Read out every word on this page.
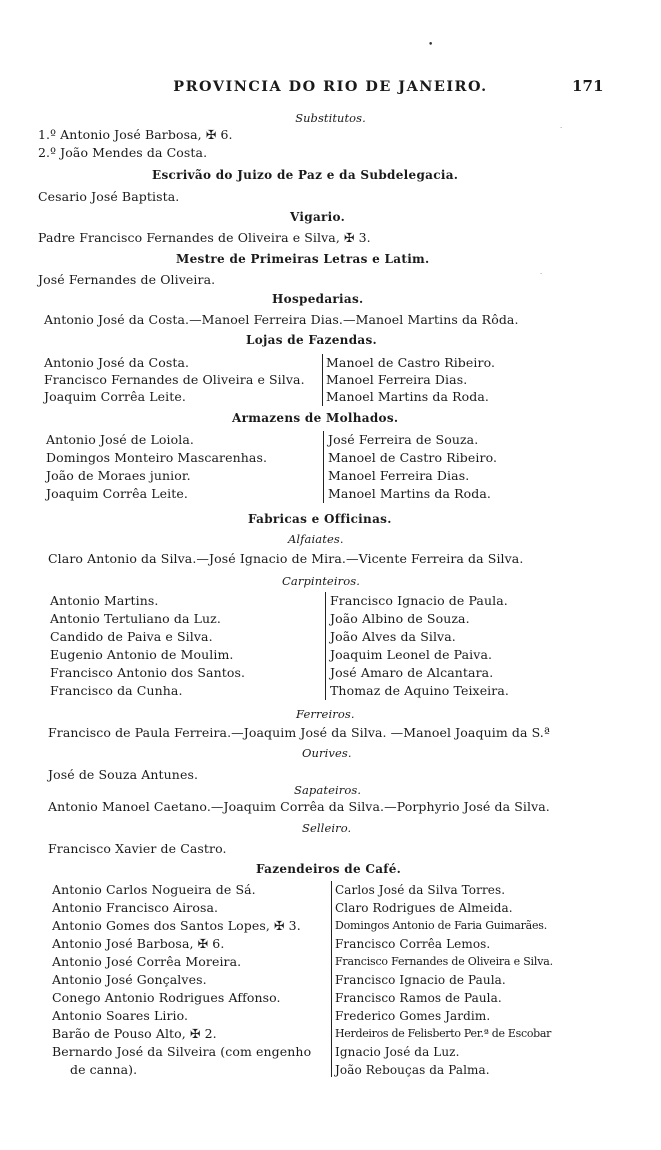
PROVINCIA DO RIO DE JANEIRO.	171
Substitutos.
1.º Antonio José Barbosa, ✠ 6.
2.º João Mendes da Costa.
Escrivão do Juizo de Paz e da Subdelegacia.
Cesario José Baptista.
Vigario.
Padre Francisco Fernandes de Oliveira e Silva, ✠ 3.
Mestre de Primeiras Letras e Latim.
José Fernandes de Oliveira.
Hospedarias.
Antonio José da Costa.—Manoel Ferreira Dias.—Manoel Martins da Rôda.
Lojas de Fazendas.
Antonio José da Costa.
Francisco Fernandes de Oliveira e Silva.
Joaquim Corrêa Leite.
Manoel de Castro Ribeiro.
Manoel Ferreira Dias.
Manoel Martins da Roda.
Armazens de Molhados.
Antonio José de Loiola.
Domingos Monteiro Mascarenhas.
João de Moraes junior.
Joaquim Corrêa Leite.
José Ferreira de Souza.
Manoel de Castro Ribeiro.
Manoel Ferreira Dias.
Manoel Martins da Roda.
Fabricas e Officinas.
Alfaiates.
Claro Antonio da Silva.—José Ignacio de Mira.—Vicente Ferreira da Silva.
Carpinteiros.
Antonio Martins.
Antonio Tertuliano da Luz.
Candido de Paiva e Silva.
Eugenio Antonio de Moulim.
Francisco Antonio dos Santos.
Francisco da Cunha.
Francisco Ignacio de Paula.
João Albino de Souza.
João Alves da Silva.
Joaquim Leonel de Paiva.
José Amaro de Alcantara.
Thomaz de Aquino Teixeira.
Ferreiros.
Francisco de Paula Ferreira.—Joaquim José da Silva. —Manoel Joaquim da S.ª
Ourives.
José de Souza Antunes.
Sapateiros.
Antonio Manoel Caetano.—Joaquim Corrêa da Silva.—Porphyrio José da Silva.
Selleiro.
Francisco Xavier de Castro.
Fazendeiros de Café.
Antonio Carlos Nogueira de Sá.
Antonio Francisco Airosa.
Antonio Gomes dos Santos Lopes, ✠ 3.
Antonio José Barbosa, ✠ 6.
Antonio José Corrêa Moreira.
Antonio José Gonçalves.
Conego Antonio Rodrigues Affonso.
Antonio Soares Lirio.
Barão de Pouso Alto, ✠ 2.
Bernardo José da Silveira (com engenho
de canna).
Carlos José da Silva Torres.
Claro Rodrigues de Almeida.
Domingos Antonio de Faria Guimarães.
Francisco Corrêa Lemos.
Francisco Fernandes de Oliveira e Silva.
Francisco Ignacio de Paula.
Francisco Ramos de Paula.
Frederico Gomes Jardim.
Herdeiros de Felisberto Per.ª de Escobar
Ignacio José da Luz.
João Rebouças da Palma.
•
·
·
